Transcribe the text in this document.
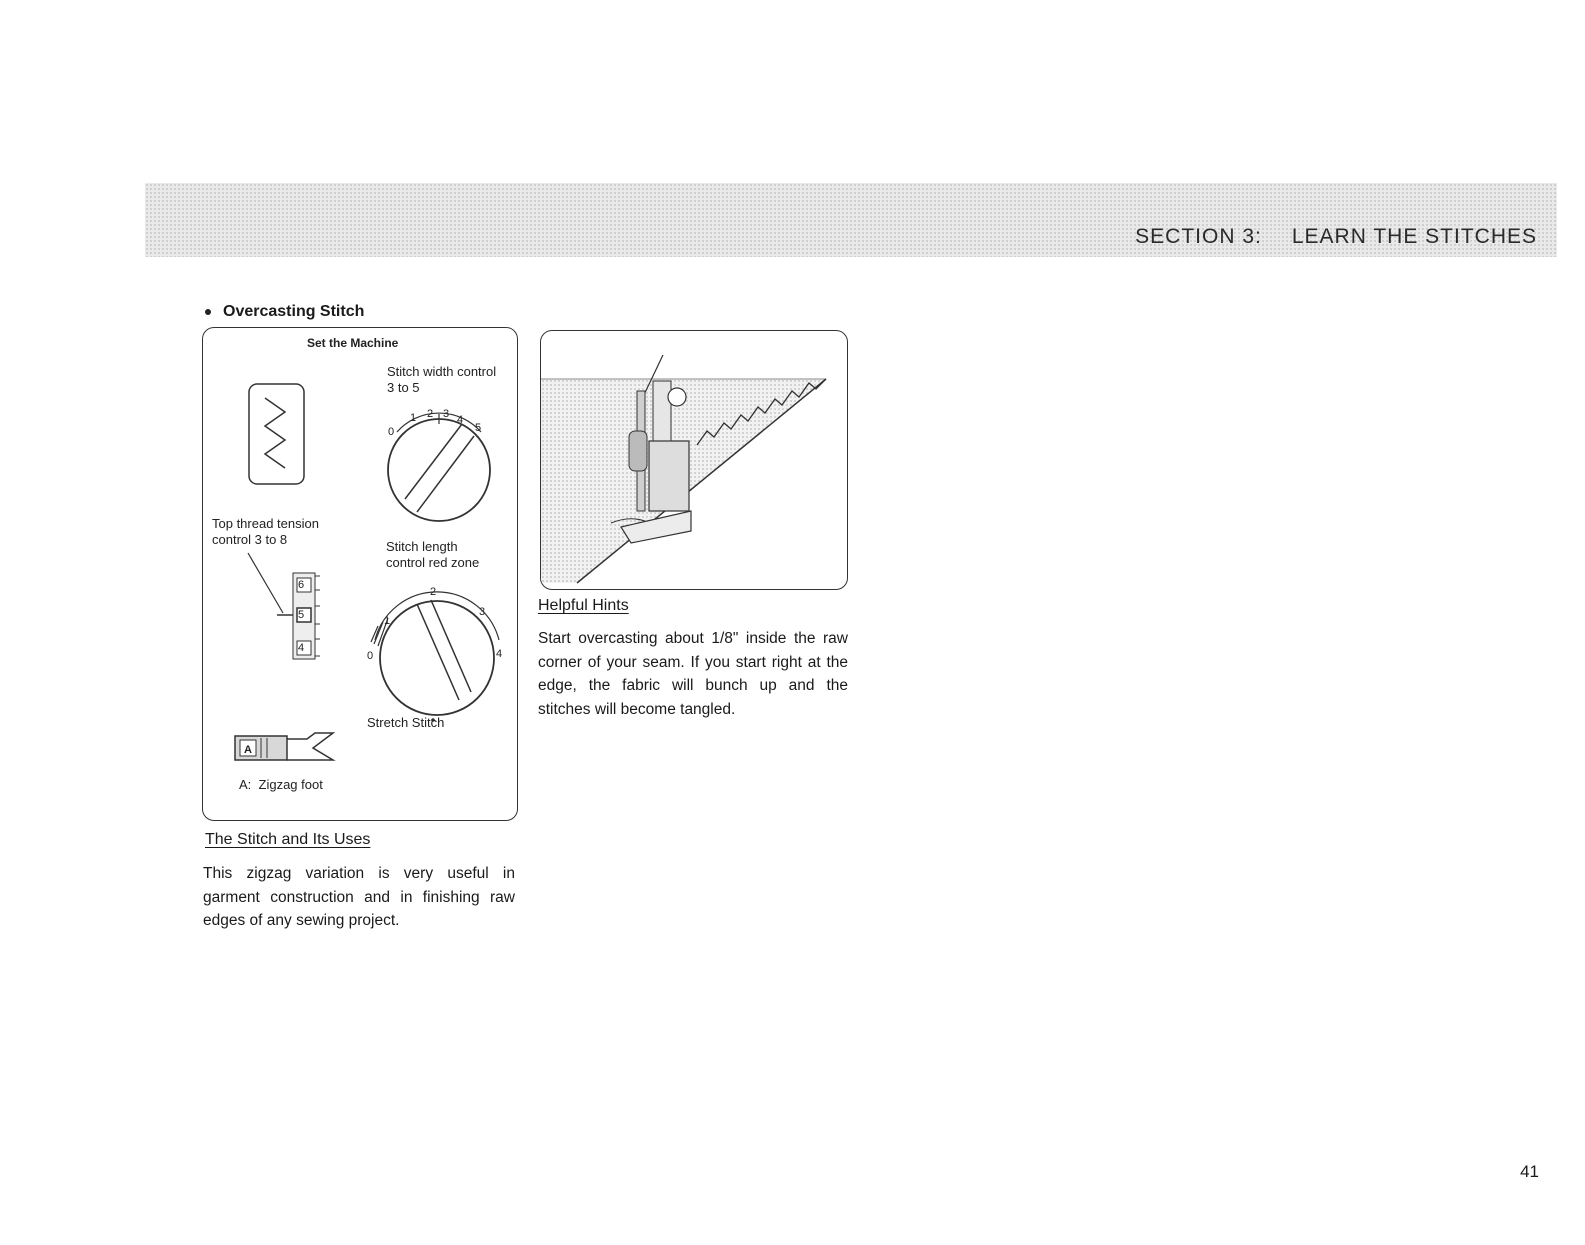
SECTION 3: LEARN THE STITCHES
Overcasting Stitch
Set the Machine
Stitch width control 3 to 5
0
1 2 3 4
5
Top thread tension control 3 to 8
6
5
4
Stitch length control red zone
0
1
2
3
4
Stretch Stitch
A
A:  Zigzag foot
Helpful Hints
Start overcasting about 1/8" inside the raw corner of your seam. If you start right at the edge, the fabric will bunch up and the stitches will become tangled.
The Stitch and Its Uses
This zigzag variation is very useful in garment construction and in finishing raw edges of any sewing project.
41
